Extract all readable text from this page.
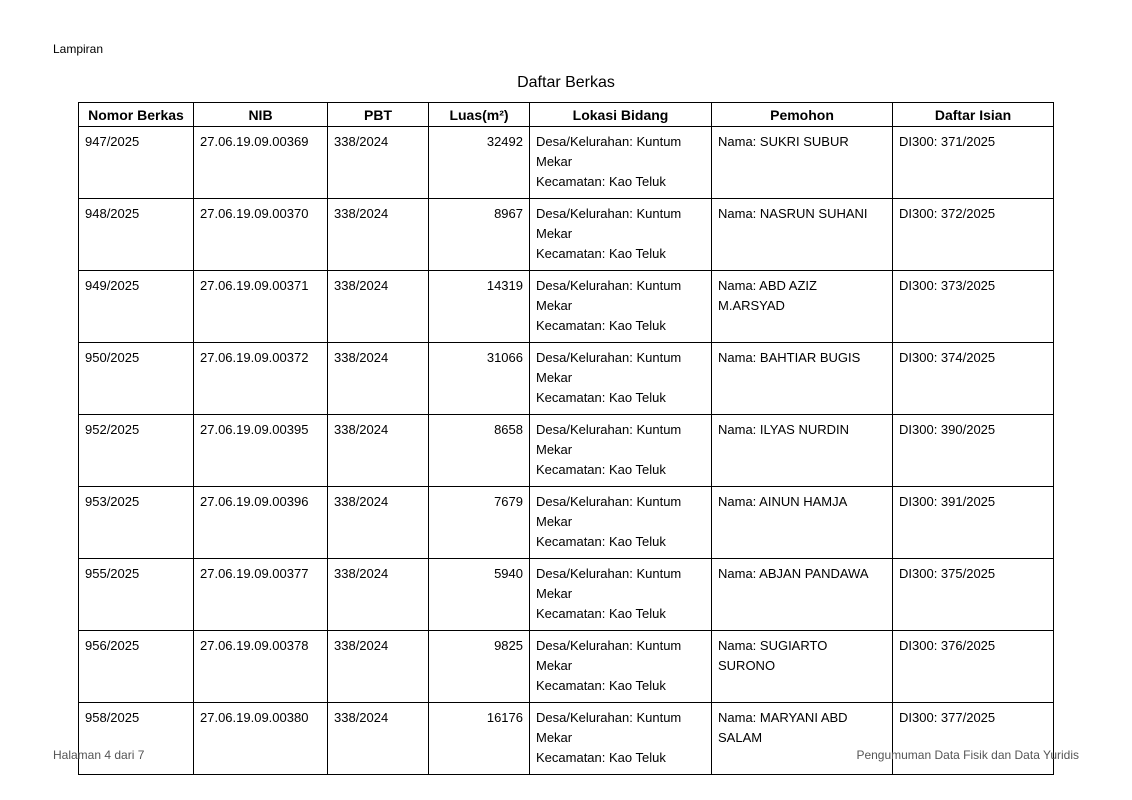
Lampiran
Daftar Berkas
Nomor Berkas	NIB	PBT	Luas(m²)	Lokasi Bidang	Pemohon	Daftar Isian
947/2025	27.06.19.09.00369	338/2024	32492	Desa/Kelurahan: Kuntum
Mekar
Kecamatan: Kao Teluk	Nama: SUKRI SUBUR	DI300: 371/2025
948/2025	27.06.19.09.00370	338/2024	8967	Desa/Kelurahan: Kuntum
Mekar
Kecamatan: Kao Teluk	Nama: NASRUN SUHANI	DI300: 372/2025
949/2025	27.06.19.09.00371	338/2024	14319	Desa/Kelurahan: Kuntum
Mekar
Kecamatan: Kao Teluk	Nama: ABD AZIZ M.ARSYAD	DI300: 373/2025
950/2025	27.06.19.09.00372	338/2024	31066	Desa/Kelurahan: Kuntum
Mekar
Kecamatan: Kao Teluk	Nama: BAHTIAR BUGIS	DI300: 374/2025
952/2025	27.06.19.09.00395	338/2024	8658	Desa/Kelurahan: Kuntum
Mekar
Kecamatan: Kao Teluk	Nama: ILYAS NURDIN	DI300: 390/2025
953/2025	27.06.19.09.00396	338/2024	7679	Desa/Kelurahan: Kuntum
Mekar
Kecamatan: Kao Teluk	Nama: AINUN HAMJA	DI300: 391/2025
955/2025	27.06.19.09.00377	338/2024	5940	Desa/Kelurahan: Kuntum
Mekar
Kecamatan: Kao Teluk	Nama: ABJAN PANDAWA	DI300: 375/2025
956/2025	27.06.19.09.00378	338/2024	9825	Desa/Kelurahan: Kuntum
Mekar
Kecamatan: Kao Teluk	Nama: SUGIARTO SURONO	DI300: 376/2025
958/2025	27.06.19.09.00380	338/2024	16176	Desa/Kelurahan: Kuntum
Mekar
Kecamatan: Kao Teluk	Nama: MARYANI ABD SALAM	DI300: 377/2025
Halaman 4 dari 7	Pengumuman Data Fisik dan Data Yuridis
